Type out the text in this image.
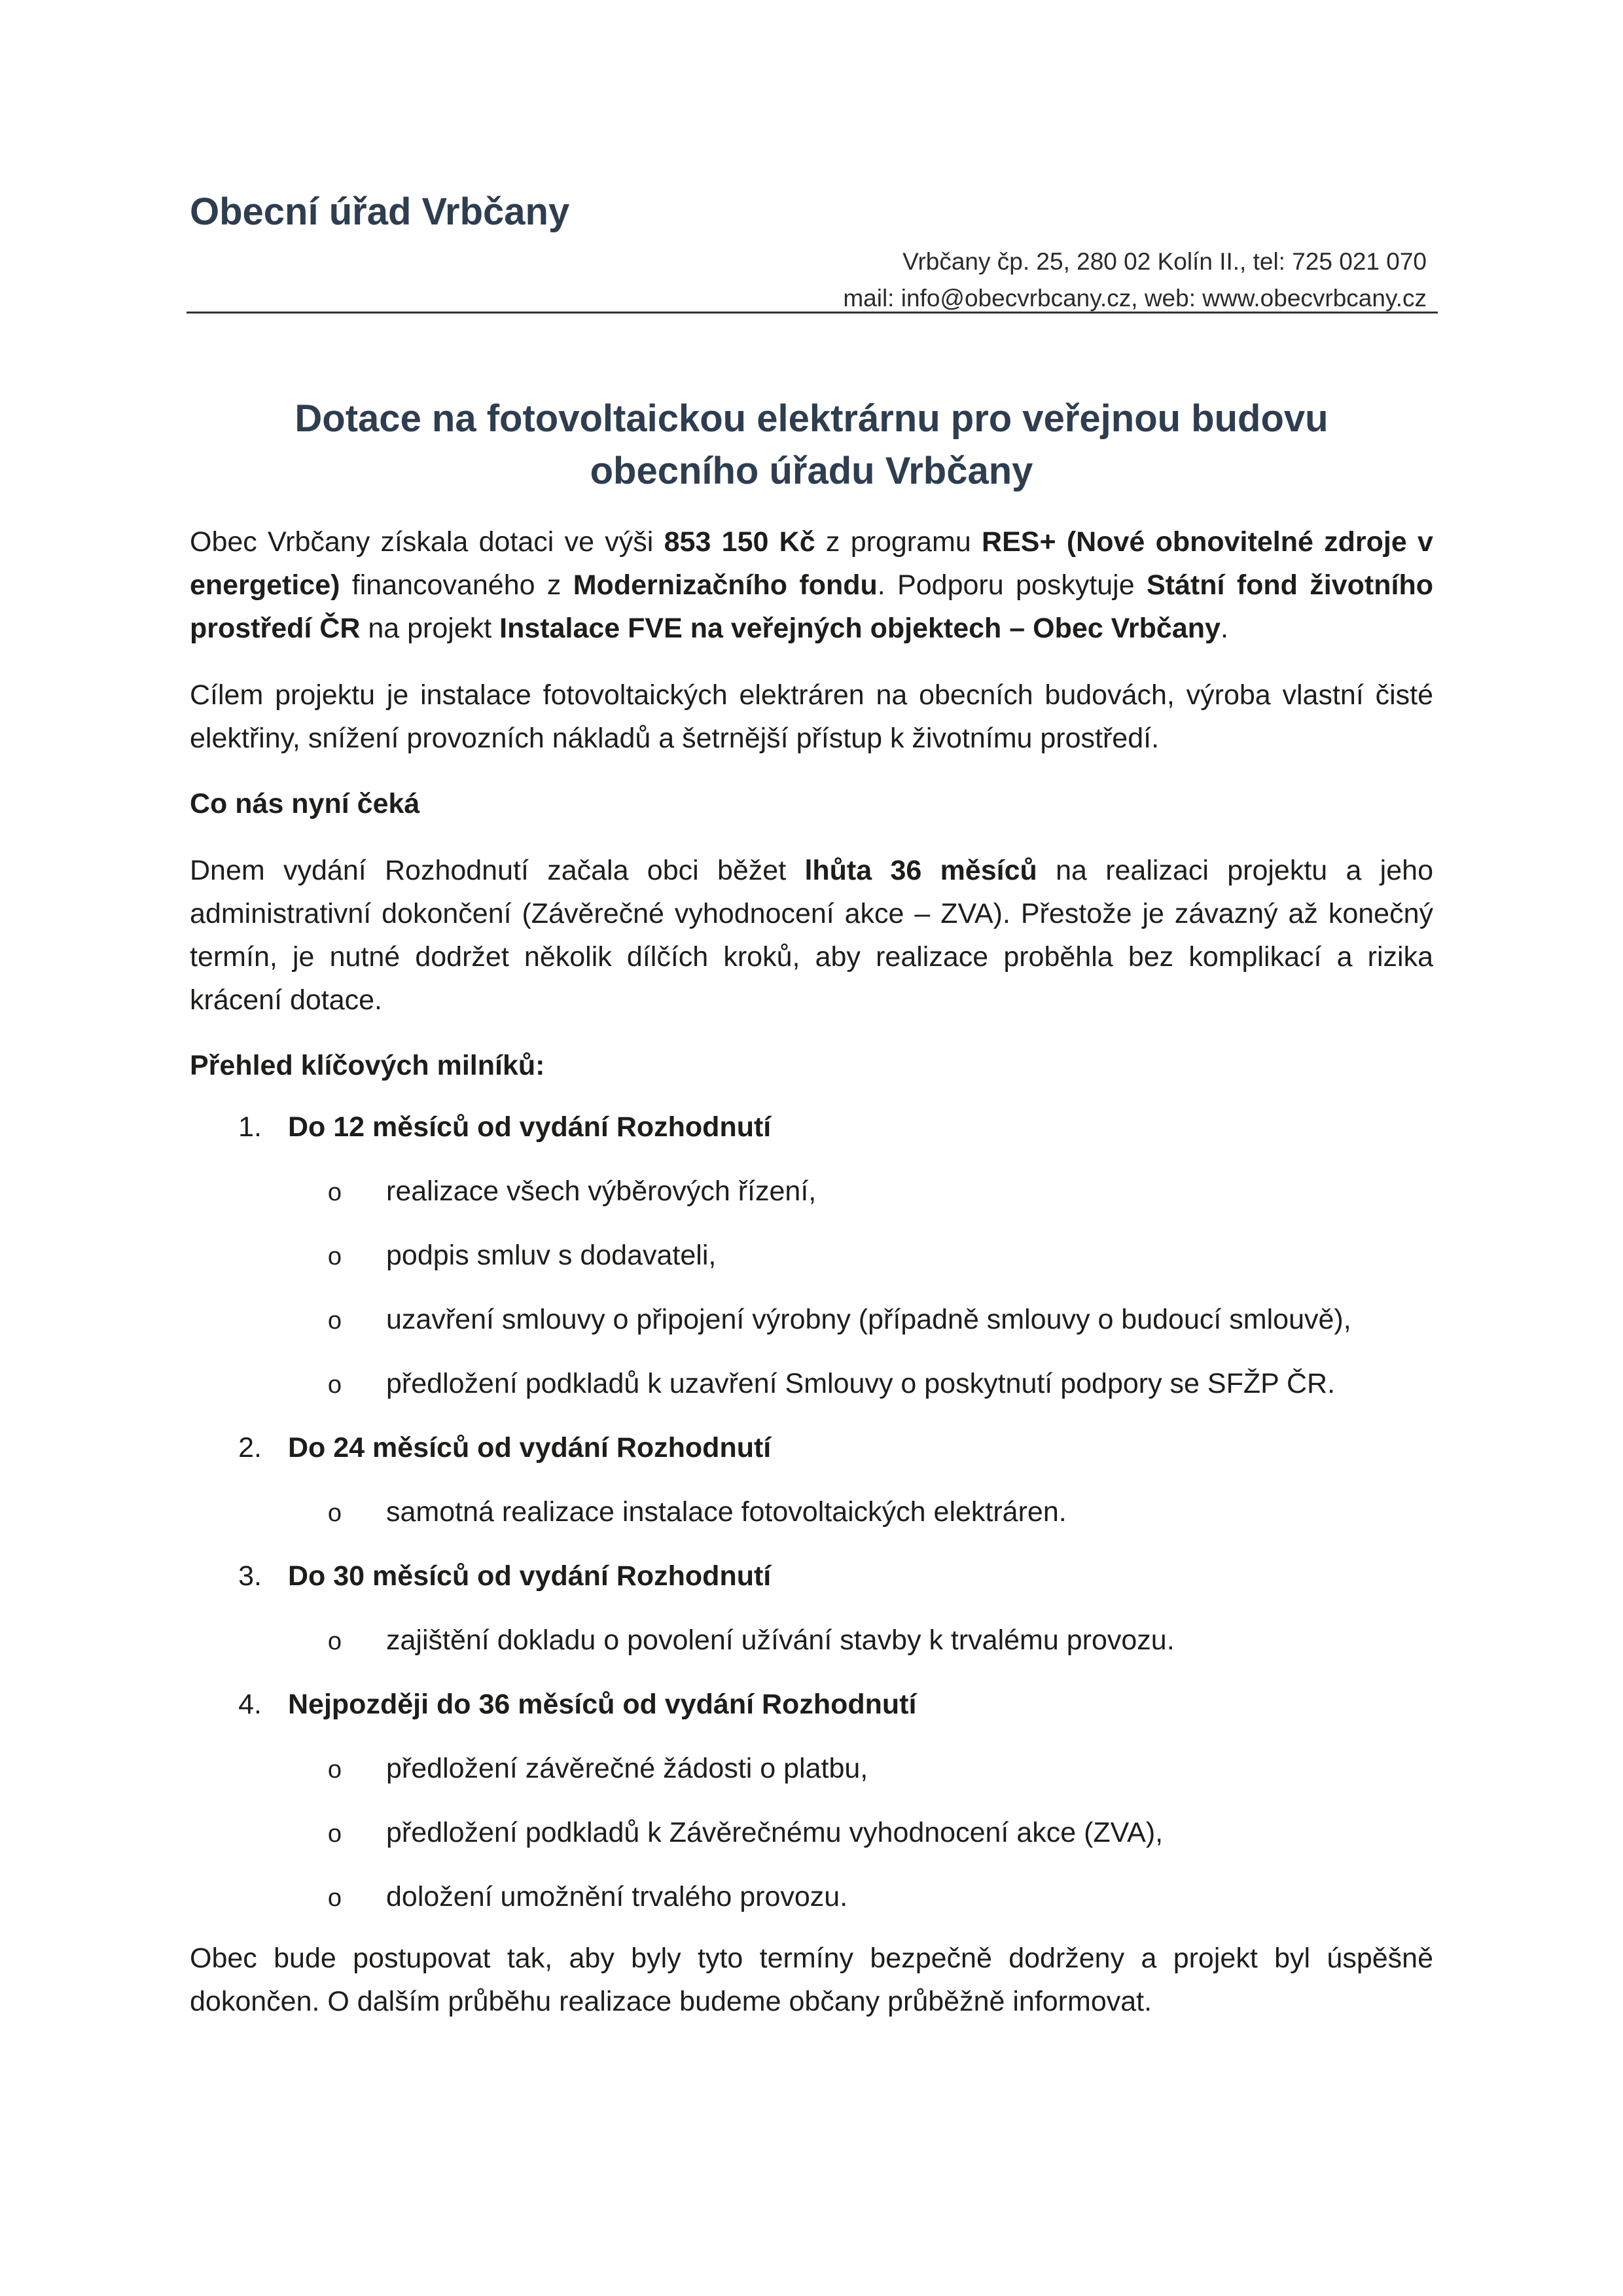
Obecní úřad Vrbčany
Vrbčany čp. 25, 280 02 Kolín II., tel: 725 021 070
mail: info@obecvrbcany.cz, web: www.obecvrbcany.cz
Dotace na fotovoltaickou elektrárnu pro veřejnou budovu
obecního úřadu Vrbčany

Obec Vrbčany získala dotaci ve výši 853 150 Kč z programu RES+ (Nové obnovitelné zdroje v energetice) financovaného z Modernizačního fondu. Podporu poskytuje Státní fond životního prostředí ČR na projekt Instalace FVE na veřejných objektech – Obec Vrbčany.

Cílem projektu je instalace fotovoltaických elektráren na obecních budovách, výroba vlastní čisté elektřiny, snížení provozních nákladů a šetrnější přístup k životnímu prostředí.

Co nás nyní čeká

Dnem vydání Rozhodnutí začala obci běžet lhůta 36 měsíců na realizaci projektu a jeho administrativní dokončení (Závěrečné vyhodnocení akce – ZVA). Přestože je závazný až konečný termín, je nutné dodržet několik dílčích kroků, aby realizace proběhla bez komplikací a rizika krácení dotace.

Přehled klíčových milníků:

1. Do 12 měsíců od vydání Rozhodnutí
o	realizace všech výběrových řízení,
o	podpis smluv s dodavateli,
o	uzavření smlouvy o připojení výrobny (případně smlouvy o budoucí smlouvě),
o	předložení podkladů k uzavření Smlouvy o poskytnutí podpory se SFŽP ČR.
2. Do 24 měsíců od vydání Rozhodnutí
o	samotná realizace instalace fotovoltaických elektráren.
3. Do 30 měsíců od vydání Rozhodnutí
o	zajištění dokladu o povolení užívání stavby k trvalému provozu.
4. Nejpozději do 36 měsíců od vydání Rozhodnutí
o	předložení závěrečné žádosti o platbu,
o	předložení podkladů k Závěrečnému vyhodnocení akce (ZVA),
o	doložení umožnění trvalého provozu.

Obec bude postupovat tak, aby byly tyto termíny bezpečně dodrženy a projekt byl úspěšně dokončen. O dalším průběhu realizace budeme občany průběžně informovat.
